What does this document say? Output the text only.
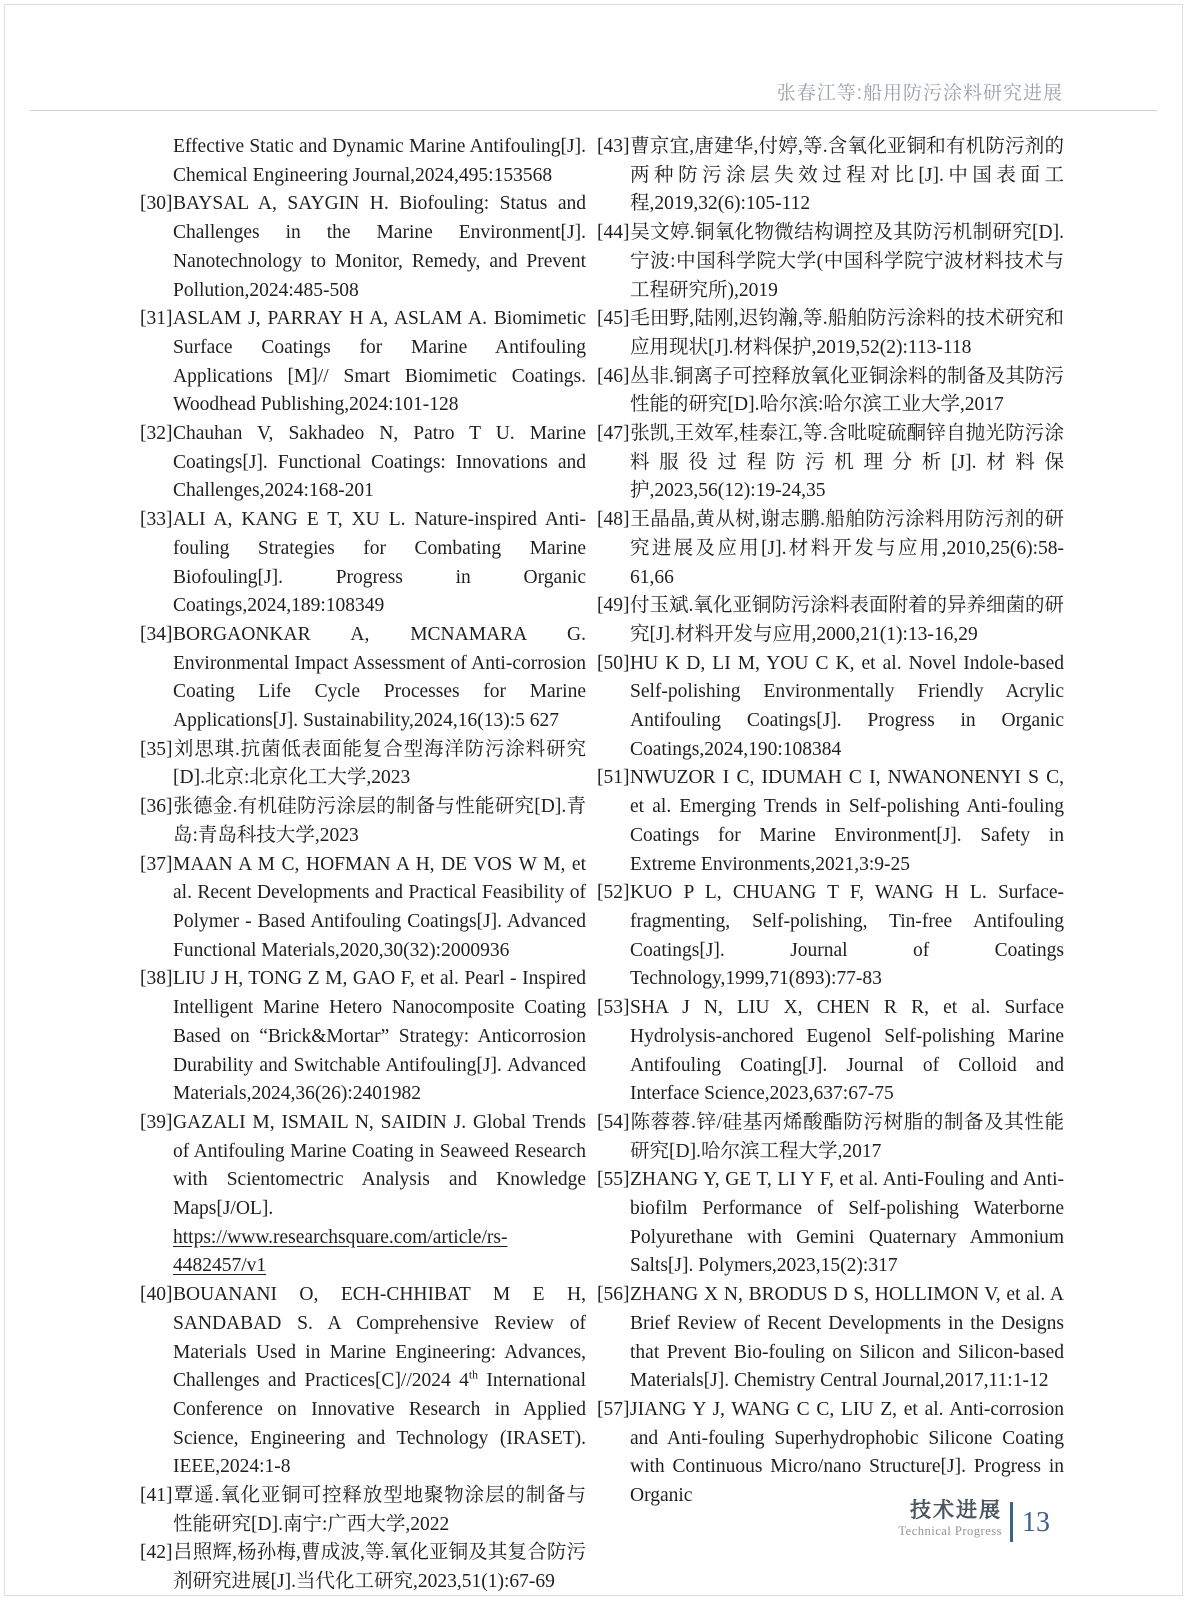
张春江等:船用防污涂料研究进展
Effective Static and Dynamic Marine Antifouling[J]. Chemical Engineering Journal,2024,495:153568
[30]BAYSAL A, SAYGIN H. Biofouling: Status and Challenges in the Marine Environment[J]. Nanotechnology to Monitor, Remedy, and Prevent Pollution,2024:485-508
[31]ASLAM J, PARRAY H A, ASLAM A. Biomimetic Surface Coatings for Marine Antifouling Applications [M]// Smart Biomimetic Coatings. Woodhead Publishing,2024:101-128
[32]Chauhan V, Sakhadeo N, Patro T U. Marine Coatings[J]. Functional Coatings: Innovations and Challenges,2024:168-201
[33]ALI A, KANG E T, XU L. Nature-inspired Anti-fouling Strategies for Combating Marine Biofouling[J]. Progress in Organic Coatings,2024,189:108349
[34]BORGAONKAR A, MCNAMARA G. Environmental Impact Assessment of Anti-corrosion Coating Life Cycle Processes for Marine Applications[J]. Sustainability,2024,16(13):5 627
[35]刘思琪.抗菌低表面能复合型海洋防污涂料研究[D].北京:北京化工大学,2023
[36]张德金.有机硅防污涂层的制备与性能研究[D].青岛:青岛科技大学,2023
[37]MAAN A M C, HOFMAN A H, DE VOS W M, et al. Recent Developments and Practical Feasibility of Polymer - Based Antifouling Coatings[J]. Advanced Functional Materials,2020,30(32):2000936
[38]LIU J H, TONG Z M, GAO F, et al. Pearl - Inspired Intelligent Marine Hetero Nanocomposite Coating Based on “Brick&Mortar” Strategy: Anticorrosion Durability and Switchable Antifouling[J]. Advanced Materials,2024,36(26):2401982
[39]GAZALI M, ISMAIL N, SAIDIN J. Global Trends of Antifouling Marine Coating in Seaweed Research with Scientomectric Analysis and Knowledge Maps[J/OL]. https://www.researchsquare.com/article/rs-4482457/v1
[40]BOUANANI O, ECH-CHHIBAT M E H, SANDABAD S. A Comprehensive Review of Materials Used in Marine Engineering: Advances, Challenges and Practices[C]//2024 4th International Conference on Innovative Research in Applied Science, Engineering and Technology (IRASET). IEEE,2024:1-8
[41]覃遥.氧化亚铜可控释放型地聚物涂层的制备与性能研究[D].南宁:广西大学,2022
[42]吕照辉,杨孙梅,曹成波,等.氧化亚铜及其复合防污剂研究进展[J].当代化工研究,2023,51(1):67-69
[43]曹京宜,唐建华,付婷,等.含氧化亚铜和有机防污剂的两种防污涂层失效过程对比[J].中国表面工程,2019,32(6):105-112
[44]吴文婷.铜氧化物微结构调控及其防污机制研究[D].宁波:中国科学院大学(中国科学院宁波材料技术与工程研究所),2019
[45]毛田野,陆刚,迟钧瀚,等.船舶防污涂料的技术研究和应用现状[J].材料保护,2019,52(2):113-118
[46]丛非.铜离子可控释放氧化亚铜涂料的制备及其防污性能的研究[D].哈尔滨:哈尔滨工业大学,2017
[47]张凯,王效军,桂泰江,等.含吡啶硫酮锌自抛光防污涂料服役过程防污机理分析[J].材料保护,2023,56(12):19-24,35
[48]王晶晶,黄从树,谢志鹏.船舶防污涂料用防污剂的研究进展及应用[J].材料开发与应用,2010,25(6):58-61,66
[49]付玉斌.氧化亚铜防污涂料表面附着的异养细菌的研究[J].材料开发与应用,2000,21(1):13-16,29
[50]HU K D, LI M, YOU C K, et al. Novel Indole-based Self-polishing Environmentally Friendly Acrylic Antifouling Coatings[J]. Progress in Organic Coatings,2024,190:108384
[51]NWUZOR I C, IDUMAH C I, NWANONENYI S C, et al. Emerging Trends in Self-polishing Anti-fouling Coatings for Marine Environment[J]. Safety in Extreme Environments,2021,3:9-25
[52]KUO P L, CHUANG T F, WANG H L. Surface-fragmenting, Self-polishing, Tin-free Antifouling Coatings[J]. Journal of Coatings Technology,1999,71(893):77-83
[53]SHA J N, LIU X, CHEN R R, et al. Surface Hydrolysis-anchored Eugenol Self-polishing Marine Antifouling Coating[J]. Journal of Colloid and Interface Science,2023,637:67-75
[54]陈蓉蓉.锌/硅基丙烯酸酯防污树脂的制备及其性能研究[D].哈尔滨工程大学,2017
[55]ZHANG Y, GE T, LI Y F, et al. Anti-Fouling and Anti-biofilm Performance of Self-polishing Waterborne Polyurethane with Gemini Quaternary Ammonium Salts[J]. Polymers,2023,15(2):317
[56]ZHANG X N, BRODUS D S, HOLLIMON V, et al. A Brief Review of Recent Developments in the Designs that Prevent Bio-fouling on Silicon and Silicon-based Materials[J]. Chemistry Central Journal,2017,11:1-12
[57]JIANG Y J, WANG C C, LIU Z, et al. Anti-corrosion and Anti-fouling Superhydrophobic Silicone Coating with Continuous Micro/nano Structure[J]. Progress in Organic
技术进展
Technical Progress 13
